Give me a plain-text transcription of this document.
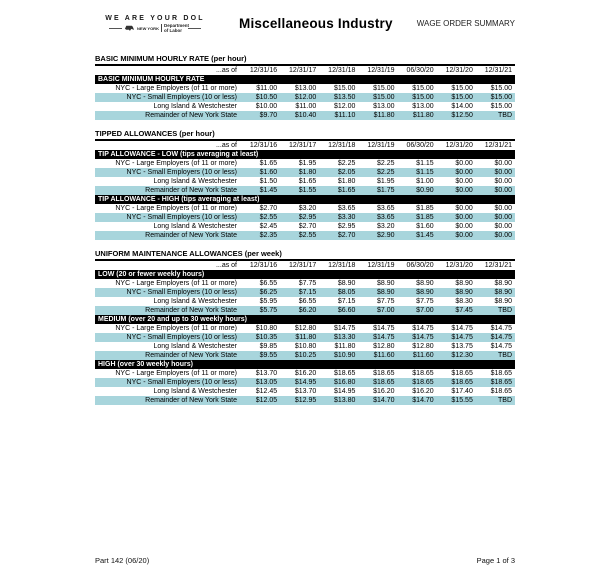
WE ARE YOUR DOL
NEW YORK
Department of Labor	Miscellaneous Industry	WAGE ORDER SUMMARY
BASIC MINIMUM HOURLY RATE (per hour)
...as of	12/31/16	12/31/17	12/31/18	12/31/19	06/30/20	12/31/20	12/31/21
BASIC MINIMUM HOURLY RATE							
NYC - Large Employers (of 11 or more)	$11.00	$13.00	$15.00	$15.00	$15.00	$15.00	$15.00
NYC - Small Employers (10 or less)	$10.50	$12.00	$13.50	$15.00	$15.00	$15.00	$15.00
Long Island & Westchester	$10.00	$11.00	$12.00	$13.00	$13.00	$14.00	$15.00
Remainder of New York State	$9.70	$10.40	$11.10	$11.80	$11.80	$12.50	TBD
TIPPED ALLOWANCES (per hour)
...as of	12/31/16	12/31/17	12/31/18	12/31/19	06/30/20	12/31/20	12/31/21
TIP ALLOWANCE - LOW (tips averaging at least)							
NYC - Large Employers (of 11 or more)	$1.65	$1.95	$2.25	$2.25	$1.15	$0.00	$0.00
NYC - Small Employers (10 or less)	$1.60	$1.80	$2.05	$2.25	$1.15	$0.00	$0.00
Long Island & Westchester	$1.50	$1.65	$1.80	$1.95	$1.00	$0.00	$0.00
Remainder of New York State	$1.45	$1.55	$1.65	$1.75	$0.90	$0.00	$0.00
TIP ALLOWANCE - HIGH (tips averaging at least)							
NYC - Large Employers (of 11 or more)	$2.70	$3.20	$3.65	$3.65	$1.85	$0.00	$0.00
NYC - Small Employers (10 or less)	$2.55	$2.95	$3.30	$3.65	$1.85	$0.00	$0.00
Long Island & Westchester	$2.45	$2.70	$2.95	$3.20	$1.60	$0.00	$0.00
Remainder of New York State	$2.35	$2.55	$2.70	$2.90	$1.45	$0.00	$0.00
UNIFORM MAINTENANCE ALLOWANCES (per week)
...as of	12/31/16	12/31/17	12/31/18	12/31/19	06/30/20	12/31/20	12/31/21
LOW (20 or fewer weekly hours)							
NYC - Large Employers (of 11 or more)	$6.55	$7.75	$8.90	$8.90	$8.90	$8.90	$8.90
NYC - Small Employers (10 or less)	$6.25	$7.15	$8.05	$8.90	$8.90	$8.90	$8.90
Long Island & Westchester	$5.95	$6.55	$7.15	$7.75	$7.75	$8.30	$8.90
Remainder of New York State	$5.75	$6.20	$6.60	$7.00	$7.00	$7.45	TBD
MEDIUM (over 20 and up to 30 weekly hours)							
NYC - Large Employers (of 11 or more)	$10.80	$12.80	$14.75	$14.75	$14.75	$14.75	$14.75
NYC - Small Employers (10 or less)	$10.35	$11.80	$13.30	$14.75	$14.75	$14.75	$14.75
Long Island & Westchester	$9.85	$10.80	$11.80	$12.80	$12.80	$13.75	$14.75
Remainder of New York State	$9.55	$10.25	$10.90	$11.60	$11.60	$12.30	TBD
HIGH (over 30 weekly hours)							
NYC - Large Employers (of 11 or more)	$13.70	$16.20	$18.65	$18.65	$18.65	$18.65	$18.65
NYC - Small Employers (10 or less)	$13.05	$14.95	$16.80	$18.65	$18.65	$18.65	$18.65
Long Island & Westchester	$12.45	$13.70	$14.95	$16.20	$16.20	$17.40	$18.65
Remainder of New York State	$12.05	$12.95	$13.80	$14.70	$14.70	$15.55	TBD
Part 142 (06/20)	Page 1 of 3
